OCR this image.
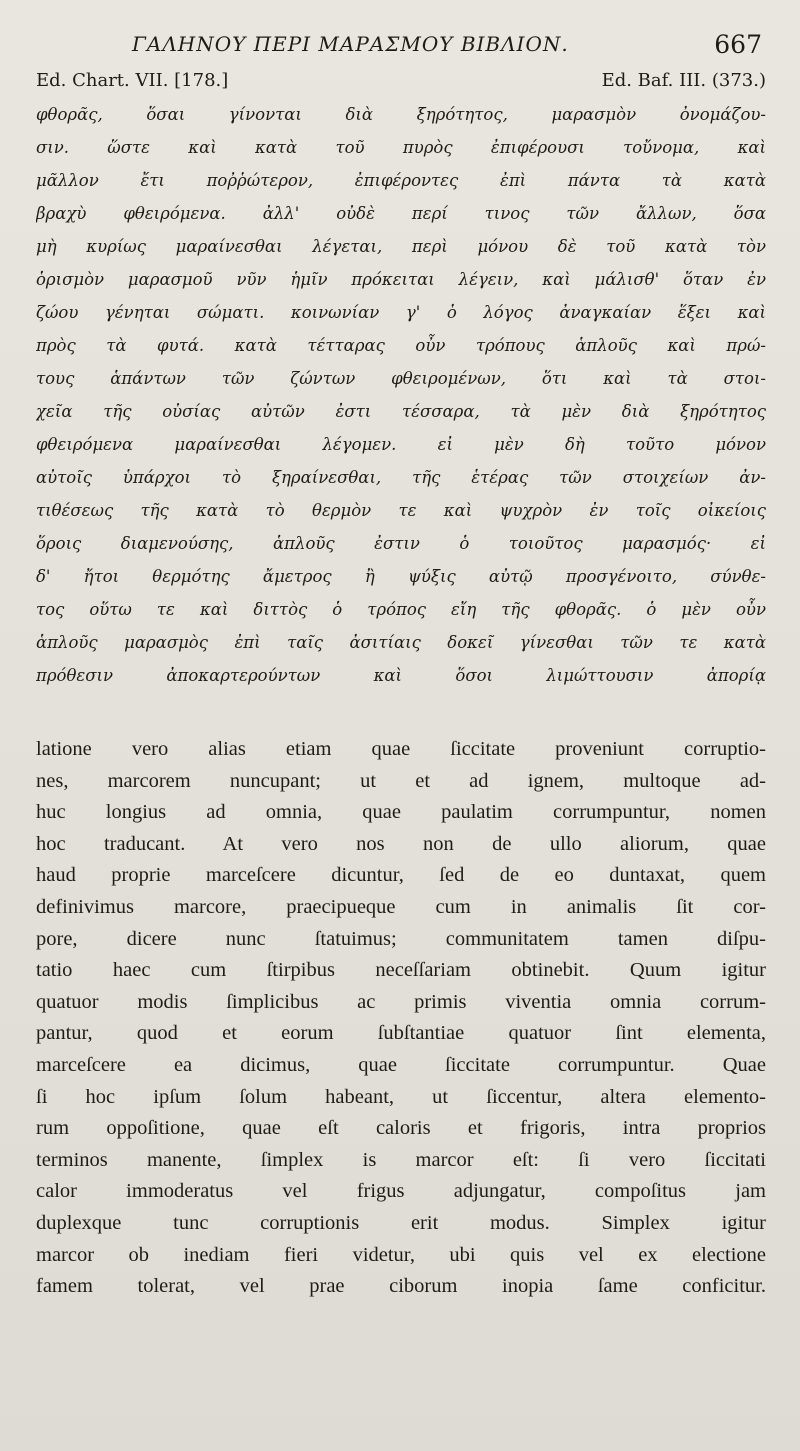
ΓΑΛΗΝΟΥ ΠΕΡΙ ΜΑΡΑΣΜΟΥ ΒΙΒΛΙΟΝ.	667
Ed. Chart. VII. [178.]	Ed. Baf. III. (373.)
φθορᾶς, ὅσαι γίνονται διὰ ξηρότητος, μαρασμὸν ὀνομάζου-
σιν. ὥστε καὶ κατὰ τοῦ πυρὸς ἐπιφέρουσι τοὔνομα, καὶ
μᾶλλον ἔτι ποῤῥώτερον, ἐπιφέροντες ἐπὶ πάντα τὰ κατὰ
βραχὺ φθειρόμενα. ἀλλ' οὐδὲ περί τινος τῶν ἄλλων, ὅσα
μὴ κυρίως μαραίνεσθαι λέγεται, περὶ μόνου δὲ τοῦ κατὰ τὸν
ὁρισμὸν μαρασμοῦ νῦν ἡμῖν πρόκειται λέγειν, καὶ μάλισθ' ὅταν ἐν
ζώου γένηται σώματι. κοινωνίαν γ' ὁ λόγος ἀναγκαίαν ἕξει καὶ
πρὸς τὰ φυτά. κατὰ τέτταρας οὖν τρόπους ἁπλοῦς καὶ πρώ-
τους ἁπάντων τῶν ζώντων φθειρομένων, ὅτι καὶ τὰ στοι-
χεῖα τῆς οὐσίας αὐτῶν ἐστι τέσσαρα, τὰ μὲν διὰ ξηρότητος
φθειρόμενα μαραίνεσθαι λέγομεν. εἰ μὲν δὴ τοῦτο μόνον
αὐτοῖς ὑπάρχοι τὸ ξηραίνεσθαι, τῆς ἑτέρας τῶν στοιχείων ἀν-
τιθέσεως τῆς κατὰ τὸ θερμὸν τε καὶ ψυχρὸν ἐν τοῖς οἰκείοις
ὅροις διαμενούσης, ἁπλοῦς ἐστιν ὁ τοιοῦτος μαρασμός· εἰ
δ' ἤτοι θερμότης ἄμετρος ἢ ψύξις αὐτῷ προσγένοιτο, σύνθε-
τος οὕτω τε καὶ διττὸς ὁ τρόπος εἴη τῆς φθορᾶς. ὁ μὲν οὖν
ἁπλοῦς μαρασμὸς ἐπὶ ταῖς ἀσιτίαις δοκεῖ γίνεσθαι τῶν τε κατὰ
πρόθεσιν ἀποκαρτερούντων καὶ ὅσοι λιμώττουσιν ἀπορίᾳ
latione vero alias etiam quae ſiccitate proveniunt corruptio-
nes, marcorem nuncupant; ut et ad ignem, multoque ad-
huc longius ad omnia, quae paulatim corrumpuntur, nomen
hoc traducant. At vero nos non de ullo aliorum, quae
haud proprie marceſcere dicuntur, ſed de eo duntaxat, quem
definivimus marcore, praecipueque cum in animalis ſit cor-
pore, dicere nunc ſtatuimus; communitatem tamen diſpu-
tatio haec cum ſtirpibus neceſſariam obtinebit. Quum igitur
quatuor modis ſimplicibus ac primis viventia omnia corrum-
pantur, quod et eorum ſubſtantiae quatuor ſint elementa,
marceſcere ea dicimus, quae ſiccitate corrumpuntur. Quae
ſi hoc ipſum ſolum habeant, ut ſiccentur, altera elemento-
rum oppoſitione, quae eſt caloris et frigoris, intra proprios
terminos manente, ſimplex is marcor eſt: ſi vero ſiccitati
calor immoderatus vel frigus adjungatur, compoſitus jam
duplexque tunc corruptionis erit modus. Simplex igitur
marcor ob inediam fieri videtur, ubi quis vel ex electione
famem tolerat, vel prae ciborum inopia ſame conficitur.
